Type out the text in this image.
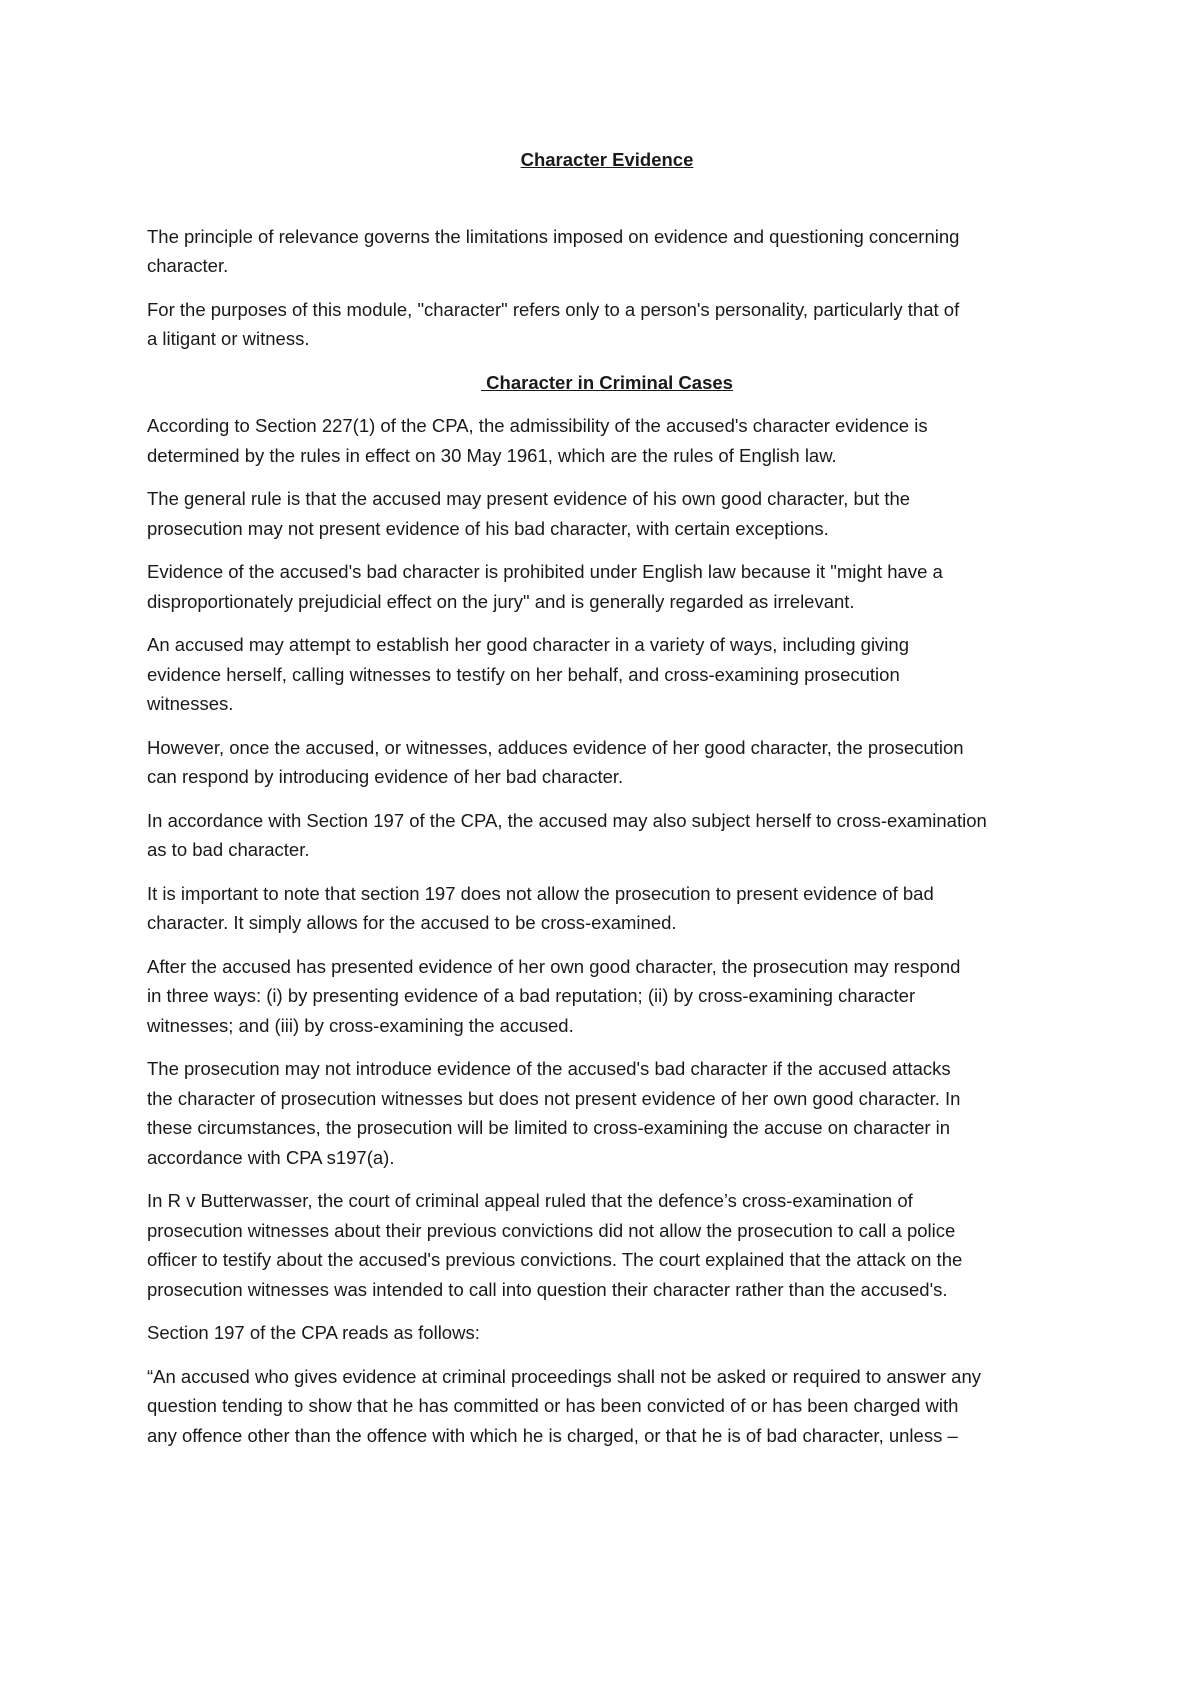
Character Evidence

The principle of relevance governs the limitations imposed on evidence and questioning concerning
character.

For the purposes of this module, "character" refers only to a person's personality, particularly that of
a litigant or witness.

Character in Criminal Cases

According to Section 227(1) of the CPA, the admissibility of the accused's character evidence is
determined by the rules in effect on 30 May 1961, which are the rules of English law.

The general rule is that the accused may present evidence of his own good character, but the
prosecution may not present evidence of his bad character, with certain exceptions.

Evidence of the accused's bad character is prohibited under English law because it "might have a
disproportionately prejudicial effect on the jury" and is generally regarded as irrelevant.

An accused may attempt to establish her good character in a variety of ways, including giving
evidence herself, calling witnesses to testify on her behalf, and cross-examining prosecution
witnesses.

However, once the accused, or witnesses, adduces evidence of her good character, the prosecution
can respond by introducing evidence of her bad character.

In accordance with Section 197 of the CPA, the accused may also subject herself to cross-examination
as to bad character.

It is important to note that section 197 does not allow the prosecution to present evidence of bad
character. It simply allows for the accused to be cross-examined.

After the accused has presented evidence of her own good character, the prosecution may respond
in three ways: (i) by presenting evidence of a bad reputation; (ii) by cross-examining character
witnesses; and (iii) by cross-examining the accused.

The prosecution may not introduce evidence of the accused's bad character if the accused attacks
the character of prosecution witnesses but does not present evidence of her own good character. In
these circumstances, the prosecution will be limited to cross-examining the accuse on character in
accordance with CPA s197(a).

In R v Butterwasser, the court of criminal appeal ruled that the defence’s cross-examination of
prosecution witnesses about their previous convictions did not allow the prosecution to call a police
officer to testify about the accused's previous convictions. The court explained that the attack on the
prosecution witnesses was intended to call into question their character rather than the accused's.

Section 197 of the CPA reads as follows:

“An accused who gives evidence at criminal proceedings shall not be asked or required to answer any
question tending to show that he has committed or has been convicted of or has been charged with
any offence other than the offence with which he is charged, or that he is of bad character, unless –
